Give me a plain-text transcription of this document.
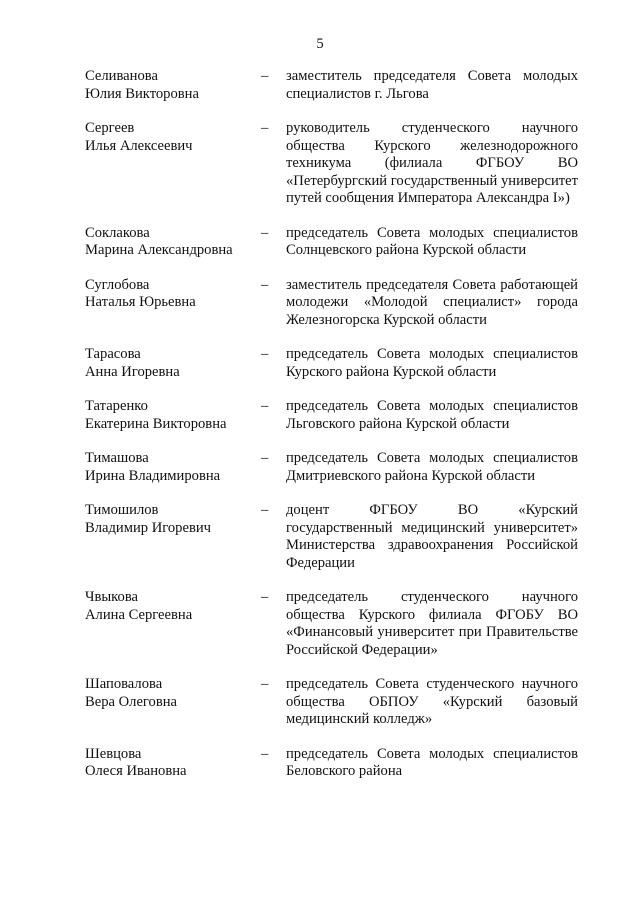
5
Селиванова
Юлия Викторовна
–	заместитель председателя Совета молодых специалистов г. Льгова
Сергеев
Илья Алексеевич
–	руководитель студенческого научного общества Курского железнодорожного техникума (филиала ФГБОУ ВО «Петербургский государственный университет путей сообщения Императора Александра I»)
Соклакова
Марина Александровна
–	председатель Совета молодых специалистов Солнцевского района Курской области
Суглобова
Наталья Юрьевна
–	заместитель председателя Совета работающей молодежи «Молодой специалист» города Железногорска Курской области
Тарасова
Анна Игоревна
–	председатель Совета молодых специалистов Курского района Курской области
Татаренко
Екатерина Викторовна
–	председатель Совета молодых специалистов Льговского района Курской области
Тимашова
Ирина Владимировна
–	председатель Совета молодых специалистов Дмитриевского района Курской области
Тимошилов
Владимир Игоревич
–	доцент ФГБОУ ВО «Курский государственный медицинский университет» Министерства здравоохранения Российской Федерации
Чвыкова
Алина Сергеевна
–	председатель студенческого научного общества Курского филиала ФГОБУ ВО «Финансовый университет при Правительстве Российской Федерации»
Шаповалова
Вера Олеговна
–	председатель Совета студенческого научного общества ОБПОУ «Курский базовый медицинский колледж»
Шевцова
Олеся Ивановна
–	председатель Совета молодых специалистов Беловского района
